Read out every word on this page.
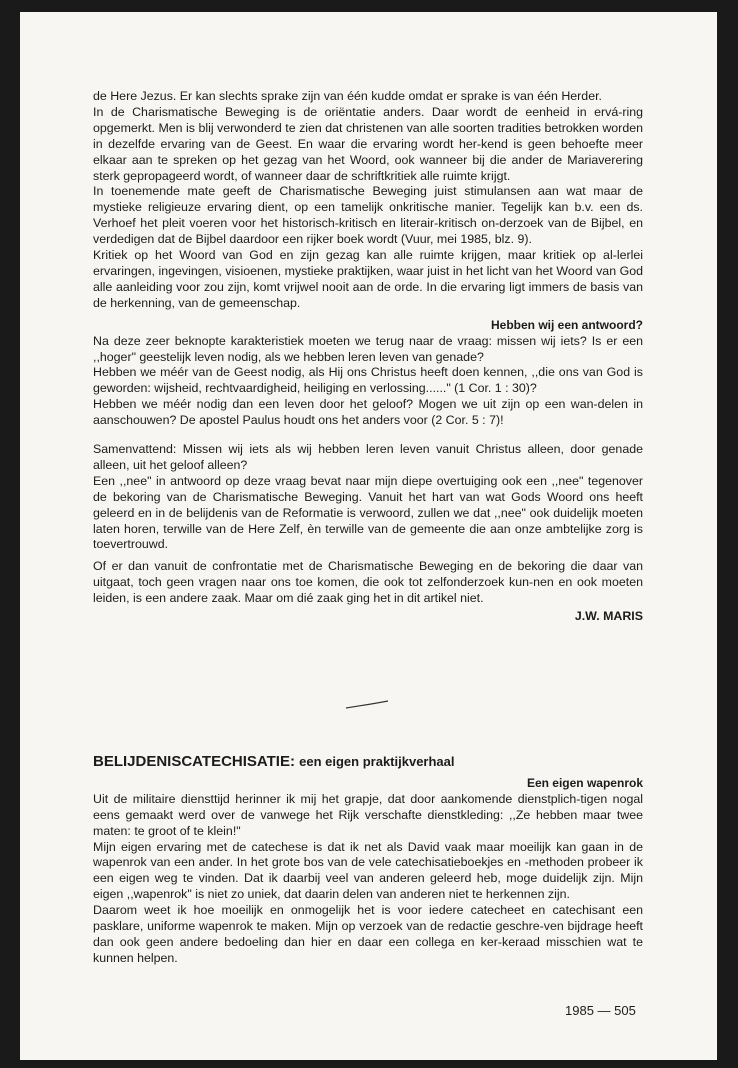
de Here Jezus. Er kan slechts sprake zijn van één kudde omdat er sprake is van één Herder.

In de Charismatische Beweging is de oriëntatie anders. Daar wordt de eenheid in ervá-ring opgemerkt. Men is blij verwonderd te zien dat christenen van alle soorten tradities betrokken worden in dezelfde ervaring van de Geest. En waar die ervaring wordt her-kend is geen behoefte meer elkaar aan te spreken op het gezag van het Woord, ook wanneer bij die ander de Mariaverering sterk gepropageerd wordt, of wanneer daar de schriftkritiek alle ruimte krijgt.

In toenemende mate geeft de Charismatische Beweging juist stimulansen aan wat maar de mystieke religieuze ervaring dient, op een tamelijk onkritische manier. Tegelijk kan b.v. een ds. Verhoef het pleit voeren voor het historisch-kritisch en literair-kritisch on-derzoek van de Bijbel, en verdedigen dat de Bijbel daardoor een rijker boek wordt (Vuur, mei 1985, blz. 9).

Kritiek op het Woord van God en zijn gezag kan alle ruimte krijgen, maar kritiek op al-lerlei ervaringen, ingevingen, visioenen, mystieke praktijken, waar juist in het licht van het Woord van God alle aanleiding voor zou zijn, komt vrijwel nooit aan de orde. In die ervaring ligt immers de basis van de herkenning, van de gemeenschap.

Hebben wij een antwoord?

Na deze zeer beknopte karakteristiek moeten we terug naar de vraag: missen wij iets? Is er een ,,hoger" geestelijk leven nodig, als we hebben leren leven van genade?

Hebben we méér van de Geest nodig, als Hij ons Christus heeft doen kennen, ,,die ons van God is geworden: wijsheid, rechtvaardigheid, heiliging en verlossing......" (1 Cor. 1 : 30)?

Hebben we méér nodig dan een leven door het geloof? Mogen we uit zijn op een wan-delen in aanschouwen? De apostel Paulus houdt ons het anders voor (2 Cor. 5 : 7)!

Samenvattend: Missen wij iets als wij hebben leren leven vanuit Christus alleen, door genade alleen, uit het geloof alleen?

Een ,,nee" in antwoord op deze vraag bevat naar mijn diepe overtuiging ook een ,,nee" tegenover de bekoring van de Charismatische Beweging. Vanuit het hart van wat Gods Woord ons heeft geleerd en in de belijdenis van de Reformatie is verwoord, zullen we dat ,,nee" ook duidelijk moeten laten horen, terwille van de Here Zelf, èn terwille van de gemeente die aan onze ambtelijke zorg is toevertrouwd.

Of er dan vanuit de confrontatie met de Charismatische Beweging en de bekoring die daar van uitgaat, toch geen vragen naar ons toe komen, die ook tot zelfonderzoek kun-nen en ook moeten leiden, is een andere zaak. Maar om dié zaak ging het in dit artikel niet.

J.W. MARIS

BELIJDENISCATECHISATIE: een eigen praktijkverhaal

Een eigen wapenrok

Uit de militaire diensttijd herinner ik mij het grapje, dat door aankomende dienstplich-tigen nogal eens gemaakt werd over de vanwege het Rijk verschafte dienstkleding: ,,Ze hebben maar twee maten: te groot of te klein!"

Mijn eigen ervaring met de catechese is dat ik net als David vaak maar moeilijk kan gaan in de wapenrok van een ander. In het grote bos van de vele catechisatieboekjes en -methoden probeer ik een eigen weg te vinden. Dat ik daarbij veel van anderen geleerd heb, moge duidelijk zijn. Mijn eigen ,,wapenrok" is niet zo uniek, dat daarin delen van anderen niet te herkennen zijn.

Daarom weet ik hoe moeilijk en onmogelijk het is voor iedere catecheet en catechisant een pasklare, uniforme wapenrok te maken. Mijn op verzoek van de redactie geschre-ven bijdrage heeft dan ook geen andere bedoeling dan hier en daar een collega en ker-keraad misschien wat te kunnen helpen.

1985 — 505
